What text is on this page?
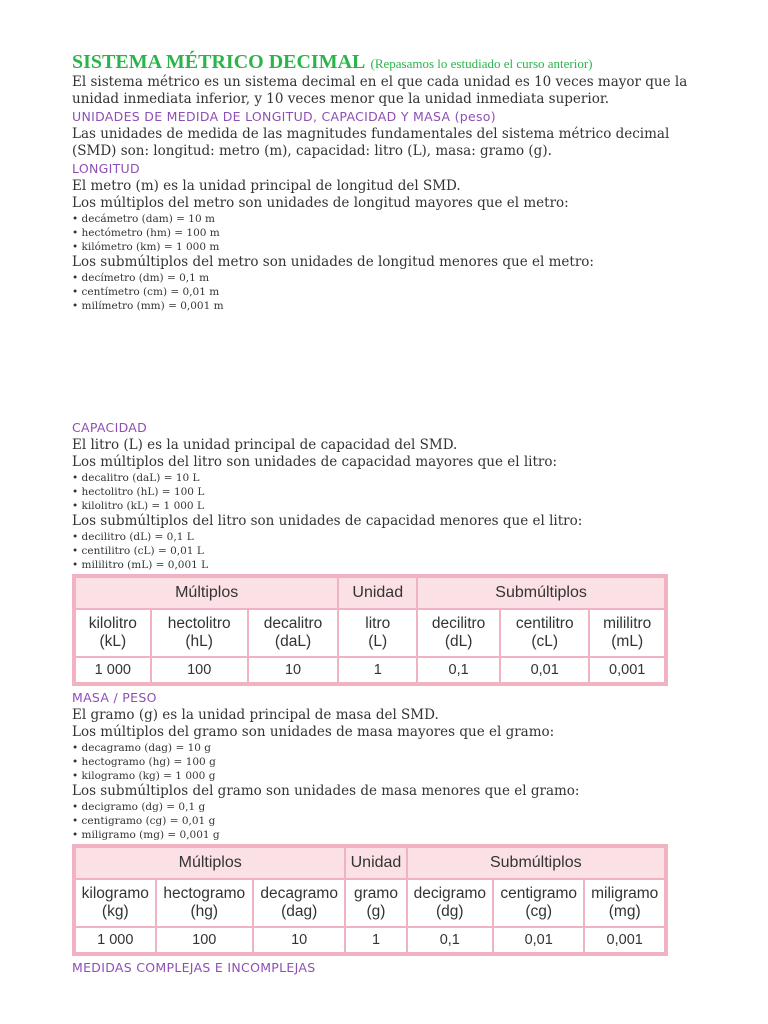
SISTEMA MÉTRICO DECIMAL (Repasamos lo estudiado el curso anterior)
El sistema métrico es un sistema decimal en el que cada unidad es 10 veces mayor que la unidad inmediata inferior, y 10 veces menor que la unidad inmediata superior.
UNIDADES DE MEDIDA DE LONGITUD, CAPACIDAD Y MASA (peso)
Las unidades de medida de las magnitudes fundamentales del sistema métrico decimal (SMD) son: longitud: metro (m), capacidad: litro (L), masa: gramo (g).
LONGITUD
El metro (m) es la unidad principal de longitud del SMD.
Los múltiplos del metro son unidades de longitud mayores que el metro:
• decámetro (dam) = 10 m
• hectómetro (hm) = 100 m
• kilómetro (km) = 1 000 m
Los submúltiplos del metro son unidades de longitud menores que el metro:
• decímetro (dm) = 0,1 m
• centímetro (cm) = 0,01 m
• milímetro (mm) = 0,001 m
CAPACIDAD
El litro (L) es la unidad principal de capacidad del SMD.
Los múltiplos del litro son unidades de capacidad mayores que el litro:
• decalitro (daL) = 10 L
• hectolitro (hL) = 100 L
• kilolitro (kL) = 1 000 L
Los submúltiplos del litro son unidades de capacidad menores que el litro:
• decilitro (dL) = 0,1 L
• centilitro (cL) = 0,01 L
• mililitro (mL) = 0,001 L
Múltiplos			Unidad	Submúltiplos		

kilolitro
(kL)	hectolitro
(hL)	decalitro
(daL)	litro
(L)	decilitro
(dL)	centilitro
(cL)	mililitro
(mL)

1 000	100	10	1	0,1	0,01	0,001
MASA / PESO
El gramo (g) es la unidad principal de masa del SMD.
Los múltiplos del gramo son unidades de masa mayores que el gramo:
• decagramo (dag) = 10 g
• hectogramo (hg) = 100 g
• kilogramo (kg) = 1 000 g
Los submúltiplos del gramo son unidades de masa menores que el gramo:
• decigramo (dg) = 0,1 g
• centigramo (cg) = 0,01 g
• miligramo (mg) = 0,001 g
Múltiplos			Unidad	Submúltiplos		

kilogramo
(kg)	hectogramo
(hg)	decagramo
(dag)	gramo
(g)	decigramo
(dg)	centigramo
(cg)	miligramo
(mg)

1 000	100	10	1	0,1	0,01	0,001
MEDIDAS COMPLEJAS E INCOMPLEJAS
